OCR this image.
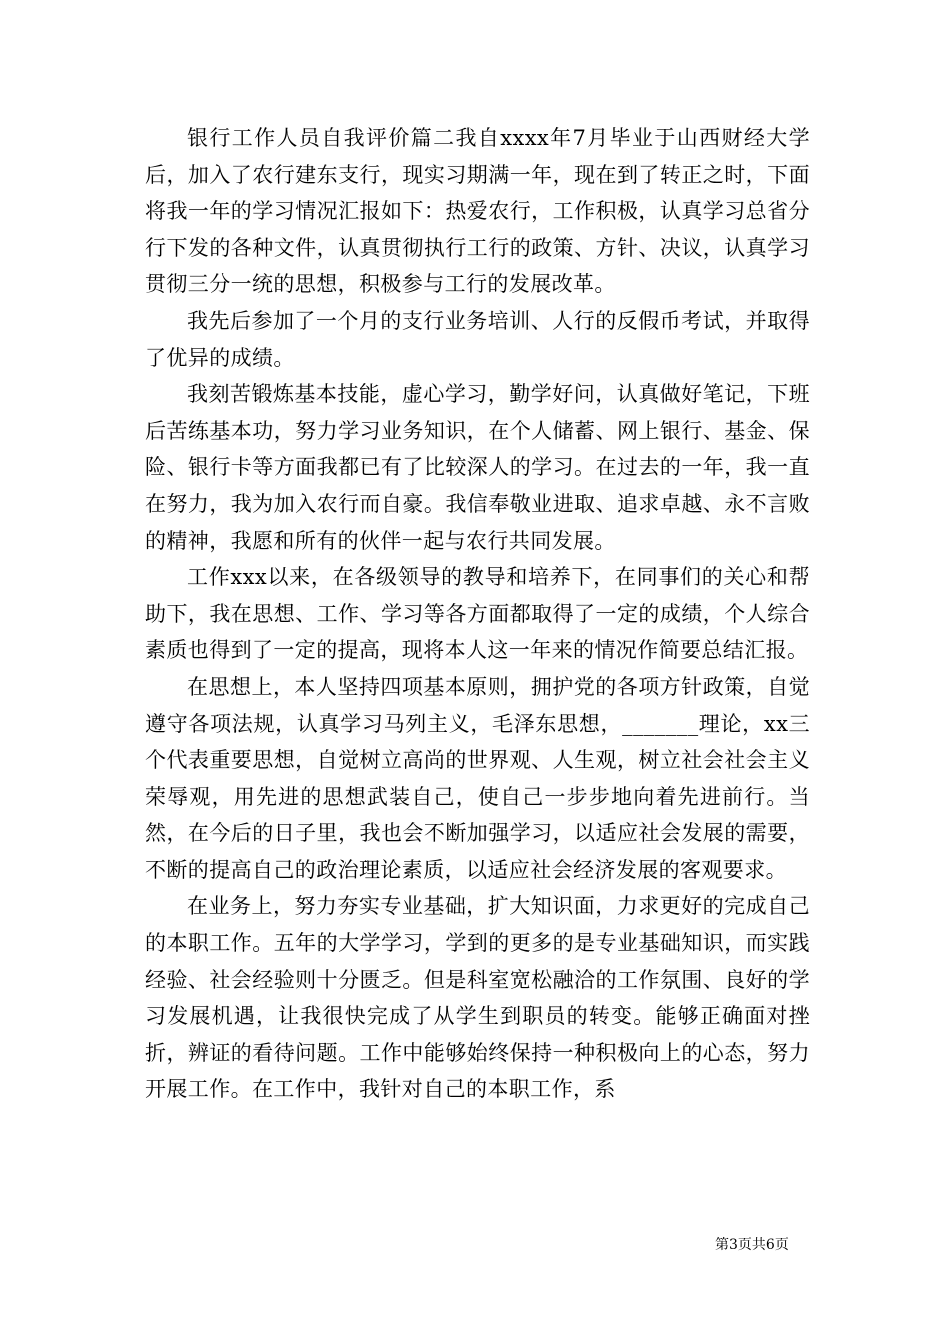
银行工作人员自我评价篇二我自xxxx年7月毕业于山西财经大学后，加入了农行建东支行，现实习期满一年，现在到了转正之时，下面将我一年的学习情况汇报如下：热爱农行，工作积极，认真学习总省分行下发的各种文件，认真贯彻执行工行的政策、方针、决议，认真学习贯彻三分一统的思想，积极参与工行的发展改革。

我先后参加了一个月的支行业务培训、人行的反假币考试，并取得了优异的成绩。

我刻苦锻炼基本技能，虚心学习，勤学好问，认真做好笔记，下班后苦练基本功，努力学习业务知识，在个人储蓄、网上银行、基金、保险、银行卡等方面我都已有了比较深人的学习。在过去的一年，我一直在努力，我为加入农行而自豪。我信奉敬业进取、追求卓越、永不言败的精神，我愿和所有的伙伴一起与农行共同发展。

工作xxx以来，在各级领导的教导和培养下，在同事们的关心和帮助下，我在思想、工作、学习等各方面都取得了一定的成绩，个人综合素质也得到了一定的提高，现将本人这一年来的情况作简要总结汇报。

在思想上，本人坚持四项基本原则，拥护党的各项方针政策，自觉遵守各项法规，认真学习马列主义，毛泽东思想，_______理论，xx三个代表重要思想，自觉树立高尚的世界观、人生观，树立社会社会主义荣辱观，用先进的思想武装自己，使自己一步步地向着先进前行。当然，在今后的日子里，我也会不断加强学习，以适应社会发展的需要，不断的提高自己的政治理论素质，以适应社会经济发展的客观要求。

在业务上，努力夯实专业基础，扩大知识面，力求更好的完成自己的本职工作。五年的大学学习，学到的更多的是专业基础知识，而实践经验、社会经验则十分匮乏。但是科室宽松融洽的工作氛围、良好的学习发展机遇，让我很快完成了从学生到职员的转变。能够正确面对挫折，辨证的看待问题。工作中能够始终保持一种积极向上的心态，努力开展工作。在工作中，我针对自己的本职工作，系

第3页共6页
